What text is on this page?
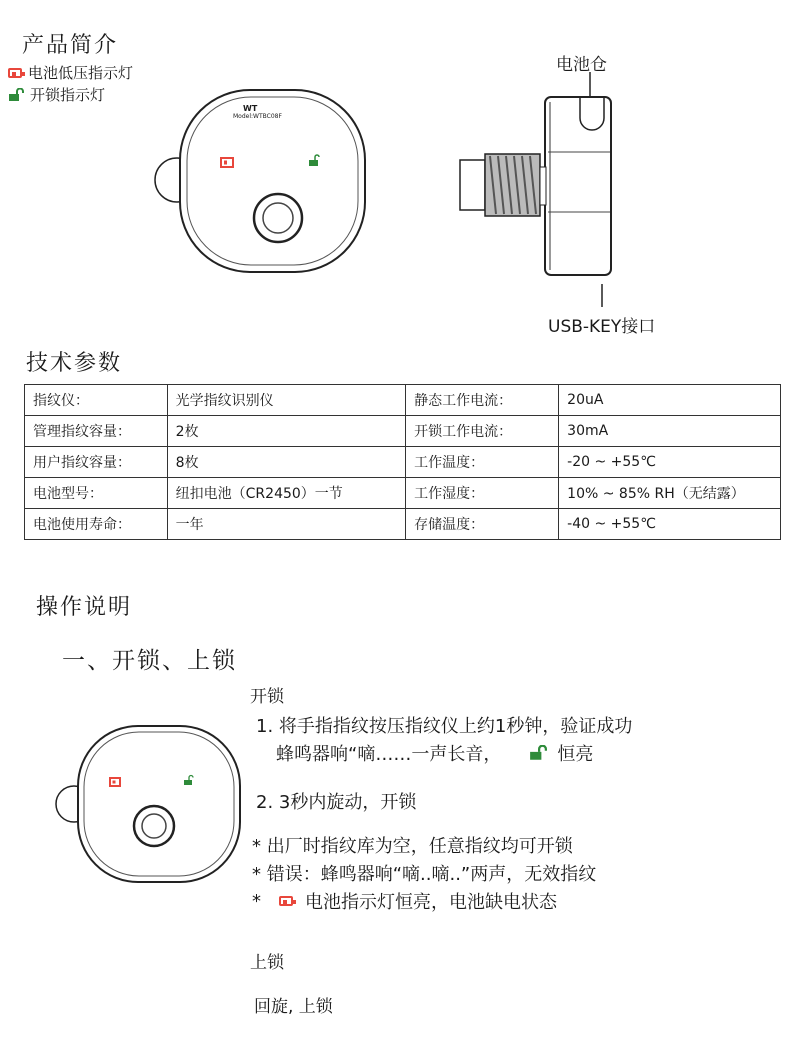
产品简介
电池低压指示灯
开锁指示灯
WT
Model:WTBC08F
电池仓
USB-KEY接口
技术参数
指纹仪：	光学指纹识别仪	静态工作电流：	20uA
管理指纹容量：	2枚	开锁工作电流：	30mA
用户指纹容量：	8枚	工作温度：	-20 ~ +55℃
电池型号：	纽扣电池（CR2450）一节	工作湿度：	10% ~ 85% RH（无结露）
电池使用寿命：	一年	存储温度：	-40 ~ +55℃
操作说明
一、开锁、上锁
开锁
1. 将手指指纹按压指纹仪上约1秒钟，验证成功
蜂鸣器响“嘀……一声长音，	恒亮
2. 3秒内旋动，开锁
* 出厂时指纹库为空，任意指纹均可开锁
* 错误：蜂鸣器响“嘀..嘀..”两声，无效指纹
* 电池指示灯恒亮，电池缺电状态
上锁
回旋, 上锁
